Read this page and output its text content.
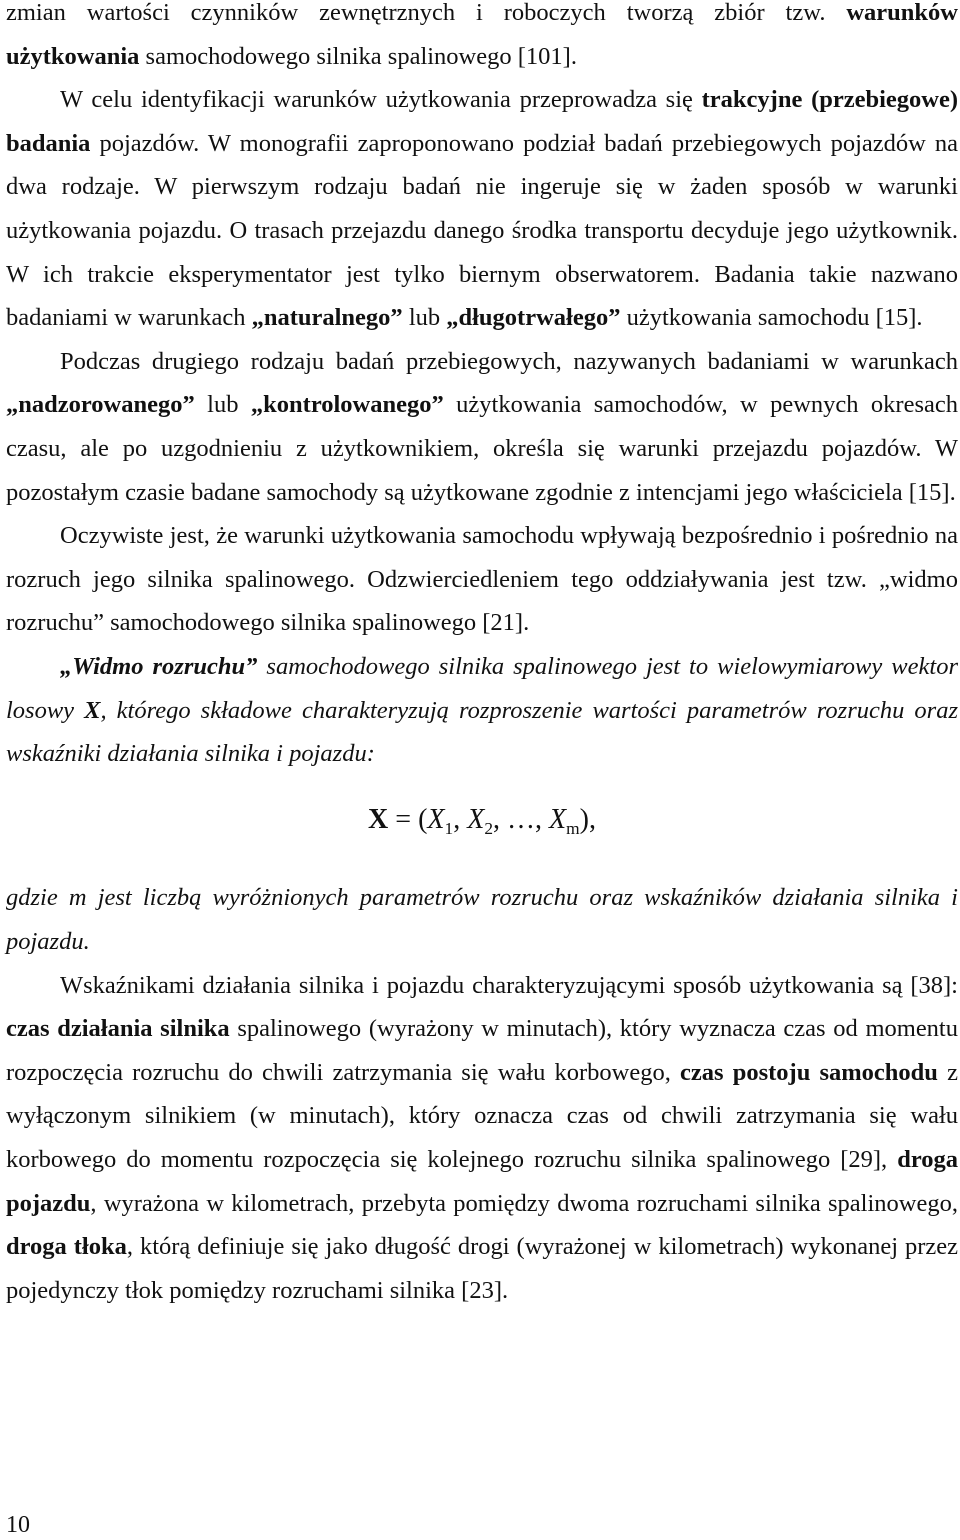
zmian wartości czynników zewnętrznych i roboczych tworzą zbiór tzw. warunków użytkowania samochodowego silnika spalinowego [101].

W celu identyfikacji warunków użytkowania przeprowadza się trakcyjne (przebiegowe) badania pojazdów. W monografii zaproponowano podział badań przebiegowych pojazdów na dwa rodzaje. W pierwszym rodzaju badań nie ingeruje się w żaden sposób w warunki użytkowania pojazdu. O trasach przejazdu danego środka transportu decyduje jego użytkownik. W ich trakcie eksperymentator jest tylko biernym obserwatorem. Badania takie nazwano badaniami w warunkach „naturalnego” lub „długotrwałego” użytkowania samochodu [15].

Podczas drugiego rodzaju badań przebiegowych, nazywanych badaniami w warunkach „nadzorowanego” lub „kontrolowanego” użytkowania samochodów, w pewnych okresach czasu, ale po uzgodnieniu z użytkownikiem, określa się warunki przejazdu pojazdów. W pozostałym czasie badane samochody są użytkowane zgodnie z intencjami jego właściciela [15].

Oczywiste jest, że warunki użytkowania samochodu wpływają bezpośrednio i pośrednio na rozruch jego silnika spalinowego. Odzwierciedleniem tego oddziaływania jest tzw. „widmo rozruchu” samochodowego silnika spalinowego [21].

„Widmo rozruchu” samochodowego silnika spalinowego jest to wielowymiarowy wektor losowy X, którego składowe charakteryzują rozproszenie wartości parametrów rozruchu oraz wskaźniki działania silnika i pojazdu:

$X = (X_1$, $X_2$, …, $X_m$),

gdzie m jest liczbą wyróżnionych parametrów rozruchu oraz wskaźników działania silnika i pojazdu.

Wskaźnikami działania silnika i pojazdu charakteryzującymi sposób użytkowania są [38]: czas działania silnika spalinowego (wyrażony w minutach), który wyznacza czas od momentu rozpoczęcia rozruchu do chwili zatrzymania się wału korbowego, czas postoju samochodu z wyłączonym silnikiem (w minutach), który oznacza czas od chwili zatrzymania się wału korbowego do momentu rozpoczęcia się kolejnego rozruchu silnika spalinowego [29], droga pojazdu, wyrażona w kilometrach, przebyta pomiędzy dwoma rozruchami silnika spalinowego, droga tłoka, którą definiuje się jako długość drogi (wyrażonej w kilometrach) wykonanej przez pojedynczy tłok pomiędzy rozruchami silnika [23].

10
